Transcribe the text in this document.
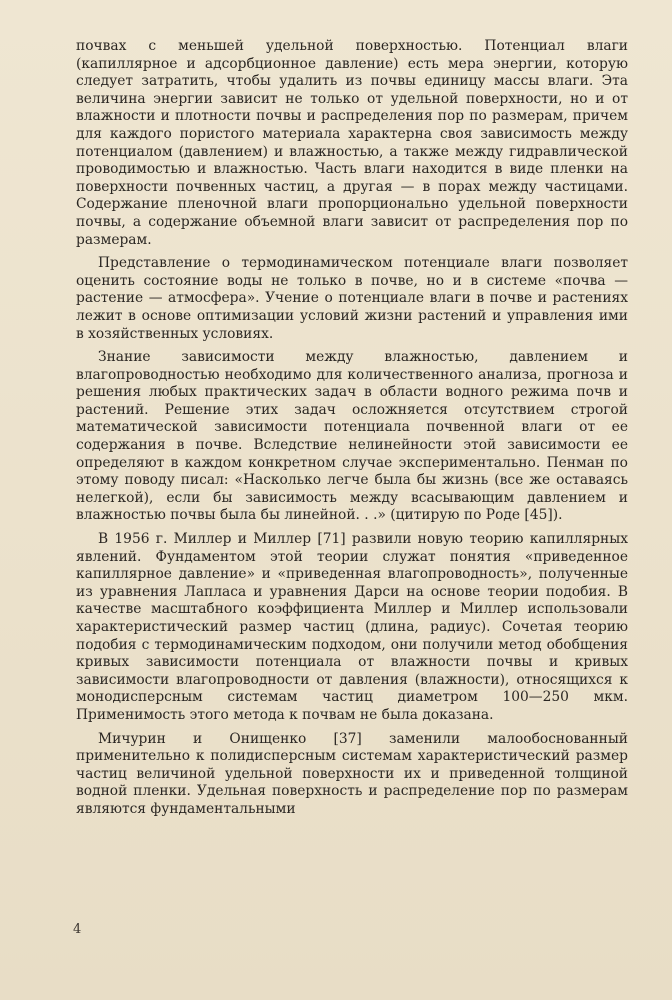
почвах с меньшей удельной поверхностью. Потенциал влаги (капиллярное и адсорбционное давление) есть мера энергии, которую следует затратить, чтобы удалить из почвы единицу массы влаги. Эта величина энергии зависит не только от удельной поверхности, но и от влажности и плотности почвы и распределения пор по размерам, причем для каждого пористого материала характерна своя зависимость между потенциалом (давлением) и влажностью, а также между гидравлической проводимостью и влажностью. Часть влаги находится в виде пленки на поверхности почвенных частиц, а другая — в порах между частицами. Содержание пленочной влаги пропорционально удельной поверхности почвы, а содержание объемной влаги зависит от распределения пор по размерам.

Представление о термодинамическом потенциале влаги позволяет оценить состояние воды не только в почве, но и в системе «почва — растение — атмосфера». Учение о потенциале влаги в почве и растениях лежит в основе оптимизации условий жизни растений и управления ими в хозяйственных условиях.

Знание зависимости между влажностью, давлением и влагопроводностью необходимо для количественного анализа, прогноза и решения любых практических задач в области водного режима почв и растений. Решение этих задач осложняется отсутствием строгой математической зависимости потенциала почвенной влаги от ее содержания в почве. Вследствие нелинейности этой зависимости ее определяют в каждом конкретном случае экспериментально. Пенман по этому поводу писал: «Насколько легче была бы жизнь (все же оставаясь нелегкой), если бы зависимость между всасывающим давлением и влажностью почвы была бы линейной. . .» (цитирую по Роде [45]).

В 1956 г. Миллер и Миллер [71] развили новую теорию капиллярных явлений. Фундаментом этой теории служат понятия «приведенное капиллярное давление» и «приведенная влагопроводность», полученные из уравнения Лапласа и уравнения Дарси на основе теории подобия. В качестве масштабного коэффициента Миллер и Миллер использовали характеристический размер частиц (длина, радиус). Сочетая теорию подобия с термодинамическим подходом, они получили метод обобщения кривых зависимости потенциала от влажности почвы и кривых зависимости влагопроводности от давления (влажности), относящихся к монодисперсным системам частиц диаметром 100—250 мкм. Применимость этого метода к почвам не была доказана.

Мичурин и Онищенко [37] заменили малообоснованный применительно к полидисперсным системам характеристический размер частиц величиной удельной поверхности их и приведенной толщиной водной пленки. Удельная поверхность и распределение пор по размерам являются фундаментальными

4
